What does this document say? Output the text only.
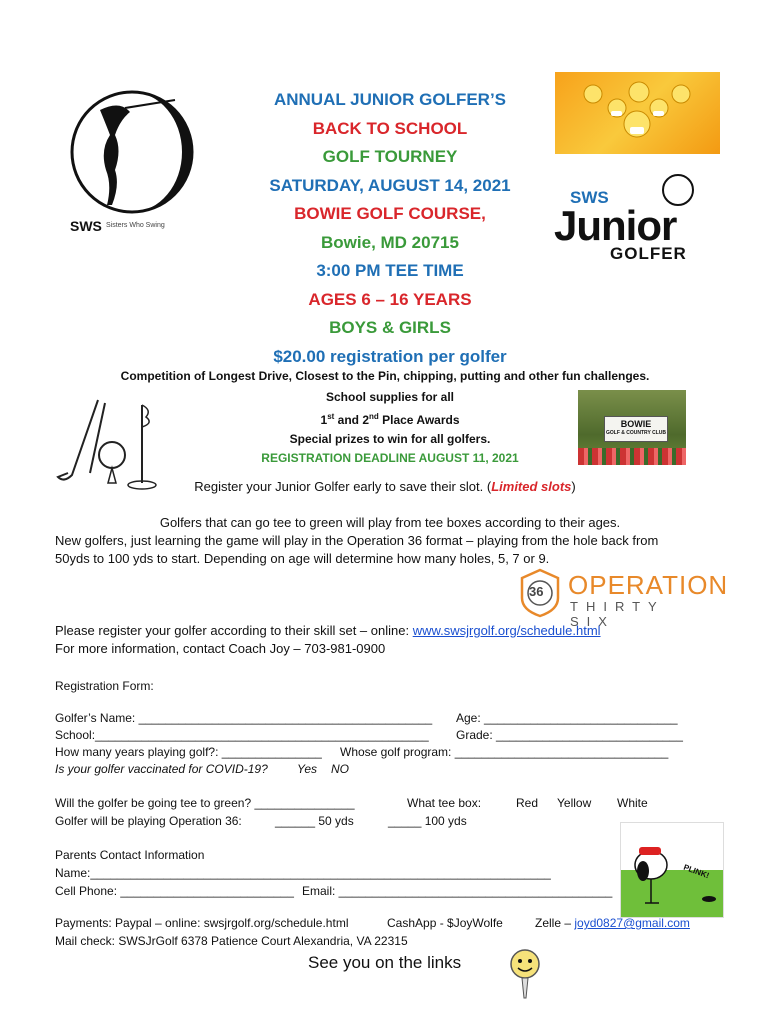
SWS Sisters Who Swing
SWS
Junior
GOLFER
ANNUAL JUNIOR GOLFER’S
BACK TO SCHOOL
GOLF TOURNEY
SATURDAY, AUGUST 14, 2021
BOWIE GOLF COURSE,
Bowie, MD 20715
3:00 PM TEE TIME
AGES 6 – 16 YEARS
BOYS & GIRLS
$20.00 registration per golfer
Competition of Longest Drive, Closest to the Pin, chipping, putting and other fun challenges.
School supplies for all
1st and 2nd Place Awards
Special prizes to win for all golfers.
REGISTRATION DEADLINE AUGUST 11, 2021
BOWIE
GOLF & COUNTRY CLUB
Register your Junior Golfer early to save their slot. (Limited slots)
Golfers that can go tee to green will play from tee boxes according to their ages.
New golfers, just learning the game will play in the Operation 36 format – playing from the hole back from
50yds to 100 yds to start. Depending on age will determine how many holes, 5, 7 or 9.
36 OPERATION
THIRTY SIX
Please register your golfer according to their skill set – online: www.swsjrgolf.org/schedule.html
For more information, contact Coach Joy – 703-981-0900
Registration Form:
Golfer’s Name: ____________________________________________ Age: _____________________________
School:__________________________________________________ Grade: ____________________________
How many years playing golf?: _______________ Whose golf program: ________________________________
Is your golfer vaccinated for COVID-19? Yes NO
Will the golfer be going tee to green? _______________	What tee box:	Red Yellow White
Golfer will be playing Operation 36:	______ 50 yds	_____ 100 yds
Parents Contact Information
Name:_____________________________________________________________________
Cell Phone: __________________________ Email: _________________________________________
PLINK!
Payments: Paypal – online: swsjrgolf.org/schedule.html	CashApp - $JoyWolfe	Zelle – joyd0827@gmail.com
Mail check: SWSJrGolf 6378 Patience Court Alexandria, VA 22315
See you on the links
